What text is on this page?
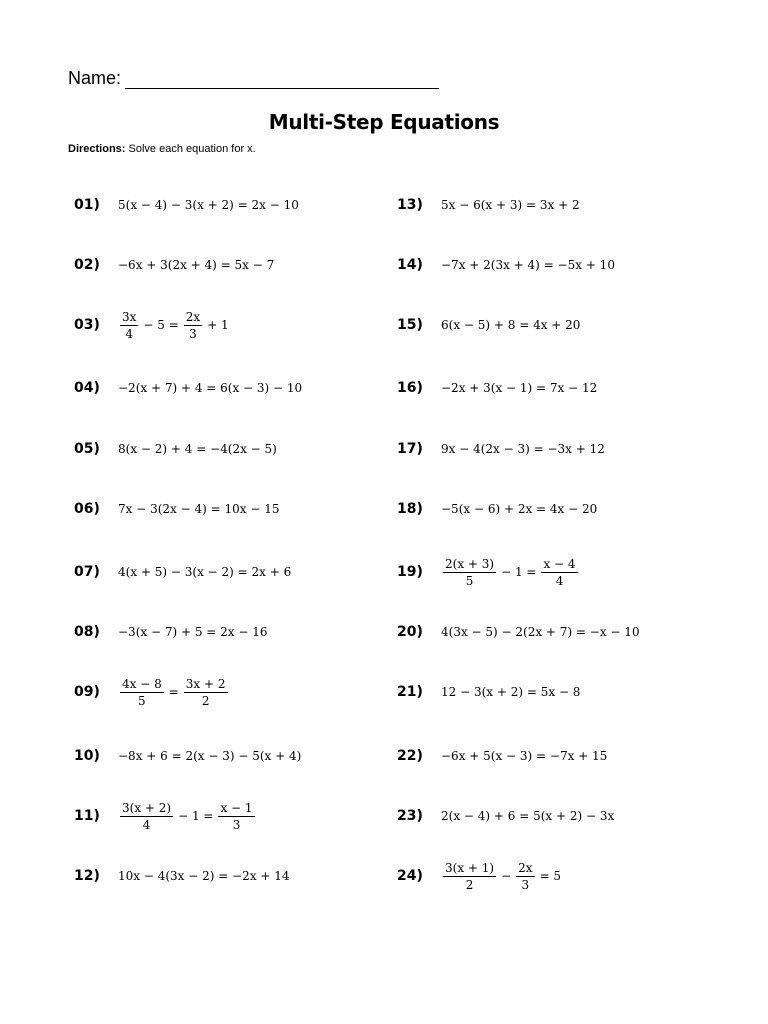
Name:
Multi-Step Equations
Directions: Solve each equation for x.
01)	5(x − 4) − 3(x + 2) = 2x − 10
02)	−6x + 3(2x + 4) = 5x − 7
03)	$\frac{3x}{4} - 5 = \frac{2x}{3} + 1$
04)	−2(x + 7) + 4 = 6(x − 3) − 10
05)	8(x − 2) + 4 = −4(2x − 5)
06)	7x − 3(2x − 4) = 10x − 15
07)	4(x + 5) − 3(x − 2) = 2x + 6
08)	−3(x − 7) + 5 = 2x − 16
09)	$\frac{4x - 8}{5} = \frac{3x + 2}{2}$
10)	−8x + 6 = 2(x − 3) − 5(x + 4)
11)	$\frac{3(x + 2)}{4} - 1 = \frac{x - 1}{3}$
12)	10x − 4(3x − 2) = −2x + 14
13)	5x − 6(x + 3) = 3x + 2
14)	−7x + 2(3x + 4) = −5x + 10
15)	6(x − 5) + 8 = 4x + 20
16)	−2x + 3(x − 1) = 7x − 12
17)	9x − 4(2x − 3) = −3x + 12
18)	−5(x − 6) + 2x = 4x − 20
19)	$\frac{2(x + 3)}{5} - 1 = \frac{x - 4}{4}$
20)	4(3x − 5) − 2(2x + 7) = −x − 10
21)	12 − 3(x + 2) = 5x − 8
22)	−6x + 5(x − 3) = −7x + 15
23)	2(x − 4) + 6 = 5(x + 2) − 3x
24)	$\frac{3(x + 1)}{2} - \frac{2x}{3} = 5$
